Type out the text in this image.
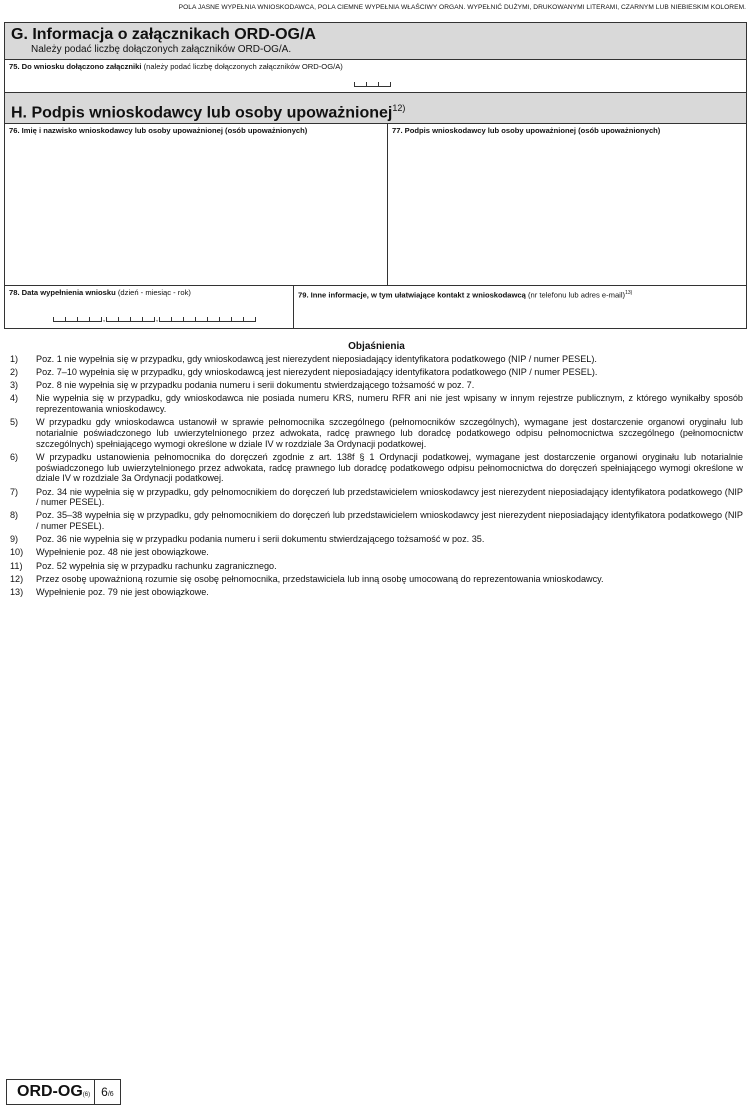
POLA JASNE WYPEŁNIA WNIOSKODAWCA, POLA CIEMNE WYPEŁNIA WŁAŚCIWY ORGAN. WYPEŁNIĆ DUŻYMI, DRUKOWANYMI LITERAMI, CZARNYM LUB NIEBIESKIM KOLOREM.
G. Informacja o załącznikach ORD-OG/A
Należy podać liczbę dołączonych załączników ORD-OG/A.
75. Do wniosku dołączono załączniki (należy podać liczbę dołączonych załączników ORD-OG/A)
H. Podpis wnioskodawcy lub osoby upoważnionej$^{12)}$
76. Imię i nazwisko wnioskodawcy lub osoby upoważnionej (osób upoważnionych)	77. Podpis wnioskodawcy lub osoby upoważnionej (osób upoważnionych)
78. Data wypełnienia wniosku (dzień - miesiąc - rok)
,	,
79. Inne informacje, w tym ułatwiające kontakt z wnioskodawcą (nr telefonu lub adres e-mail)$^{13)}$
Objaśnienia
1)	Poz. 1 nie wypełnia się w przypadku, gdy wnioskodawcą jest nierezydent nieposiadający identyfikatora podatkowego (NIP / numer PESEL).
2)	Poz. 7–10 wypełnia się w przypadku, gdy wnioskodawcą jest nierezydent nieposiadający identyfikatora podatkowego (NIP / numer PESEL).
3)	Poz. 8 nie wypełnia się w przypadku podania numeru i serii dokumentu stwierdzającego tożsamość w poz. 7.
4)	Nie wypełnia się w przypadku, gdy wnioskodawca nie posiada numeru KRS, numeru RFR ani nie jest wpisany w innym rejestrze publicznym, z którego wynikałby sposób reprezentowania wnioskodawcy.
5)	W przypadku gdy wnioskodawca ustanowił w sprawie pełnomocnika szczególnego (pełnomocników szczególnych), wymagane jest dostarczenie organowi oryginału lub notarialnie poświadczonego lub uwierzytelnionego przez adwokata, radcę prawnego lub doradcę podatkowego odpisu pełnomocnictwa szczególnego (pełnomocnictw szczególnych) spełniającego wymogi określone w dziale IV w rozdziale 3a Ordynacji podatkowej.
6)	W przypadku ustanowienia pełnomocnika do doręczeń zgodnie z art. 138f § 1 Ordynacji podatkowej, wymagane jest dostarczenie organowi oryginału lub notarialnie poświadczonego lub uwierzytelnionego przez adwokata, radcę prawnego lub doradcę podatkowego odpisu pełnomocnictwa do doręczeń spełniającego wymogi określone w dziale IV w rozdziale 3a Ordynacji podatkowej.
7)	Poz. 34 nie wypełnia się w przypadku, gdy pełnomocnikiem do doręczeń lub przedstawicielem wnioskodawcy jest nierezydent nieposiadający identyfikatora podatkowego (NIP / numer PESEL).
8)	Poz. 35–38 wypełnia się w przypadku, gdy pełnomocnikiem do doręczeń lub przedstawicielem wnioskodawcy jest nierezydent nieposiadający identyfikatora podatkowego (NIP / numer PESEL).
9)	Poz. 36 nie wypełnia się w przypadku podania numeru i serii dokumentu stwierdzającego tożsamość w poz. 35.
10)	Wypełnienie poz. 48 nie jest obowiązkowe.
11)	Poz. 52 wypełnia się w przypadku rachunku zagranicznego.
12)	Przez osobę upoważnioną rozumie się osobę pełnomocnika, przedstawiciela lub inną osobę umocowaną do reprezentowania wnioskodawcy.
13)	Wypełnienie poz. 79 nie jest obowiązkowe.
ORD-OG(6) 6/6
